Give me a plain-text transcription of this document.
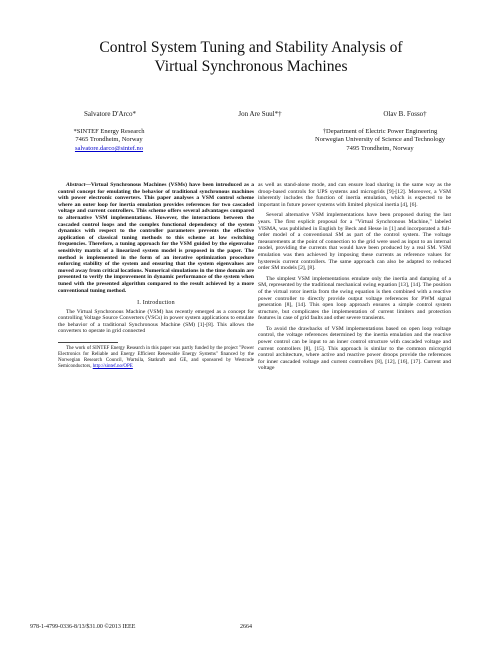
Control System Tuning and Stability Analysis of
Virtual Synchronous Machines
Salvatore D'Arco*	Jon Are Suul*†	Olav B. Fosso†
*SINTEF Energy Research
7465 Trondheim, Norway
salvatore.darco@sintef.no
†Department of Electric Power Engineering
Norwegian University of Science and Technology
7495 Trondheim, Norway

Abstract—Virtual Synchronous Machines (VSMs) have been introduced as a control concept for emulating the behavior of traditional synchronous machines with power electronic converters. This paper analyses a VSM control scheme where an outer loop for inertia emulation provides references for two cascaded voltage and current controllers. This scheme offers several advantages compared to alternative VSM implementations. However, the interactions between the cascaded control loops and the complex functional dependency of the system dynamics with respect to the controller parameters prevents the effective application of classical tuning methods to this scheme at low switching frequencies. Therefore, a tuning approach for the VSM guided by the eigenvalue sensitivity matrix of a linearized system model is proposed in the paper. The method is implemented in the form of an iterative optimization procedure enforcing stability of the system and ensuring that the system eigenvalues are moved away from critical locations. Numerical simulations in the time domain are presented to verify the improvement in dynamic performance of the system when tuned with the presented algorithm compared to the result achieved by a more conventional tuning method.

I. Introduction

The Virtual Synchronous Machine (VSM) has recently emerged as a concept for controlling Voltage Source Converters (VSCs) in power system applications to emulate the behavior of a traditional Synchronous Machine (SM) [1]-[8]. This allows the converters to operate in grid connected

The work of SINTEF Energy Research in this paper was partly funded by the project "Power Electronics for Reliable and Energy Efficient Renewable Energy Systems" financed by the Norwegian Research Council, Wartsila, Statkraft and GE, and sponsored by Westcode Semiconductors, http://sintef.no/OPE

as well as stand-alone mode, and can ensure load sharing in the same way as the droop-based controls for UPS systems and microgrids [9]-[12]. Moreover, a VSM inherently includes the function of inertia emulation, which is expected to be important in future power systems with limited physical inertia [4], [6].

Several alternative VSM implementations have been proposed during the last years. The first explicit proposal for a "Virtual Synchronous Machine," labeled VISMA, was published in English by Beck and Hesse in [1] and incorporated a full-order model of a conventional SM as part of the control system. The voltage measurements at the point of connection to the grid were used as input to an internal model, providing the currents that would have been produced by a real SM. VSM emulation was then achieved by imposing these currents as reference values for hysteresis current controllers. The same approach can also be adapted to reduced order SM models [2], [8].

The simplest VSM implementations emulate only the inertia and damping of a SM, represented by the traditional mechanical swing equation [13], [14]. The position of the virtual rotor inertia from the swing equation is then combined with a reactive power controller to directly provide output voltage references for PWM signal generation [8], [14]. This open loop approach ensures a simple control system structure, but complicates the implementation of current limiters and protection features in case of grid faults and other severe transients.

To avoid the drawbacks of VSM implementations based on open loop voltage control, the voltage references determined by the inertia emulation and the reactive power control can be input to an inner control structure with cascaded voltage and current controllers [8], [15]. This approach is similar to the common microgrid control architecture, where active and reactive power droops provide the references for inner cascaded voltage and current controllers [8], [12], [16], [17]. Current and voltage

978-1-4799-0336-8/13/$31.00 ©2013 IEEE	2664
